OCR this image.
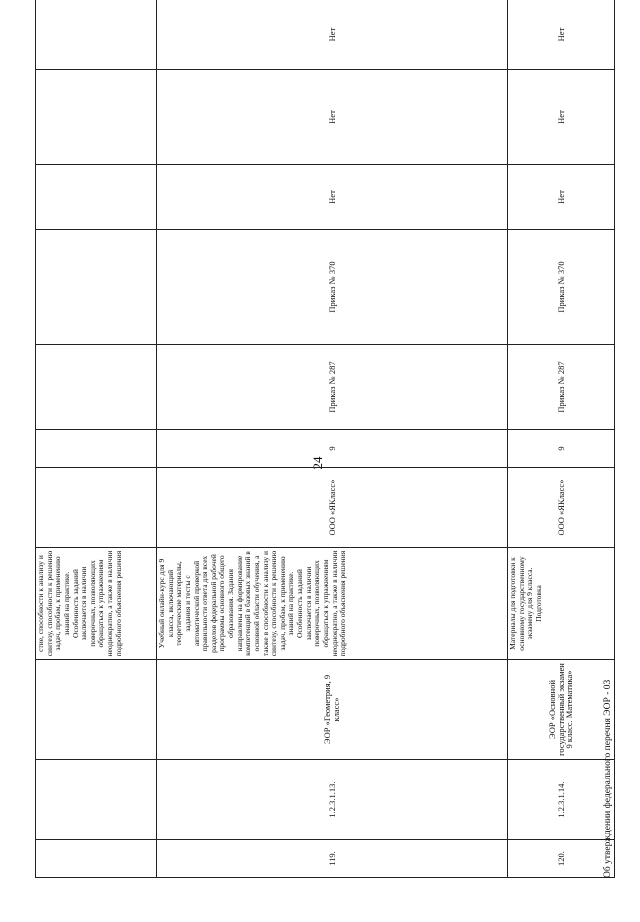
24
			стие, способности к анализу и синтезу, способности к решению задач, пробам, к применению знаний на практике. Особенность заданий заключается в наличии поверочных, позволяющих обращаться к упражнениям неоднократно, а также в наличии подробного объяснения решения								
119.	1.2.3.1.13.	ЭОР «Геометрия, 9 класс»	Учебный онлайн-курс для 9 класса, включающий теоретические материалы, задания и тесты с автоматической проверкой правильности ответа для всех разделов федеральной рабочей программы основного общего образования. Задания направлены на формирование компетенций в базовых знаний в основной области обучения, а также в способности к анализу и синтезу, способности к решению задач, пробам, к применению знаний на практике. Особенность заданий заключается в наличии поверочных, позволяющих обращаться к упражнениям неоднократно, а также в наличии подробного объяснения решения	ООО «ЯКласс»	9	Приказ № 287	Приказ № 370	Нет	Нет	Нет	
120.	1.2.3.1.14.	ЭОР «Основной государственный экзамен 9 класс. Математика»	Материалы для подготовки к основному государственному экзамену для 9 класса. Подготовка	ООО «ЯКласс»	9	Приказ № 287	Приказ № 370	Нет	Нет	Нет	
Об утверждении федерального перечня ЭОР - 03
